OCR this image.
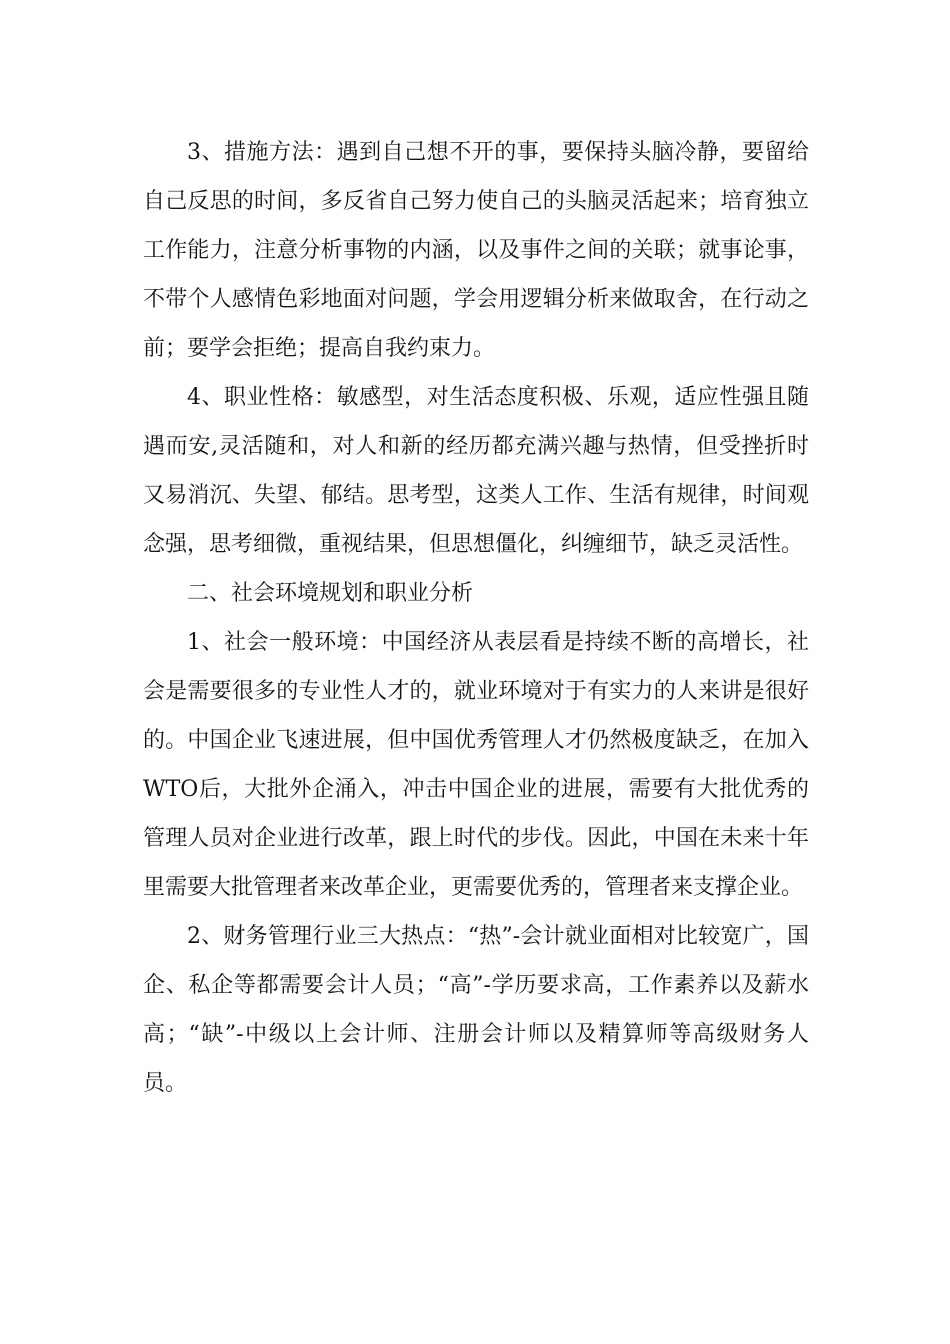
3、措施方法：遇到自己想不开的事，要保持头脑冷静，要留给自己反思的时间，多反省自己努力使自己的头脑灵活起来；培育独立工作能力，注意分析事物的内涵，以及事件之间的关联；就事论事，不带个人感情色彩地面对问题，学会用逻辑分析来做取舍，在行动之前；要学会拒绝；提高自我约束力。

4、职业性格：敏感型，对生活态度积极、乐观，适应性强且随遇而安,灵活随和，对人和新的经历都充满兴趣与热情，但受挫折时又易消沉、失望、郁结。思考型，这类人工作、生活有规律，时间观念强，思考细微，重视结果，但思想僵化，纠缠细节，缺乏灵活性。

二、社会环境规划和职业分析

1、社会一般环境：中国经济从表层看是持续不断的高增长，社会是需要很多的专业性人才的，就业环境对于有实力的人来讲是很好的。中国企业飞速进展，但中国优秀管理人才仍然极度缺乏，在加入WTO后，大批外企涌入，冲击中国企业的进展，需要有大批优秀的管理人员对企业进行改革，跟上时代的步伐。因此，中国在未来十年里需要大批管理者来改革企业，更需要优秀的，管理者来支撑企业。

2、财务管理行业三大热点：“热”-会计就业面相对比较宽广，国企、私企等都需要会计人员；“高”-学历要求高，工作素养以及薪水高；“缺”-中级以上会计师、注册会计师以及精算师等高级财务人员。
